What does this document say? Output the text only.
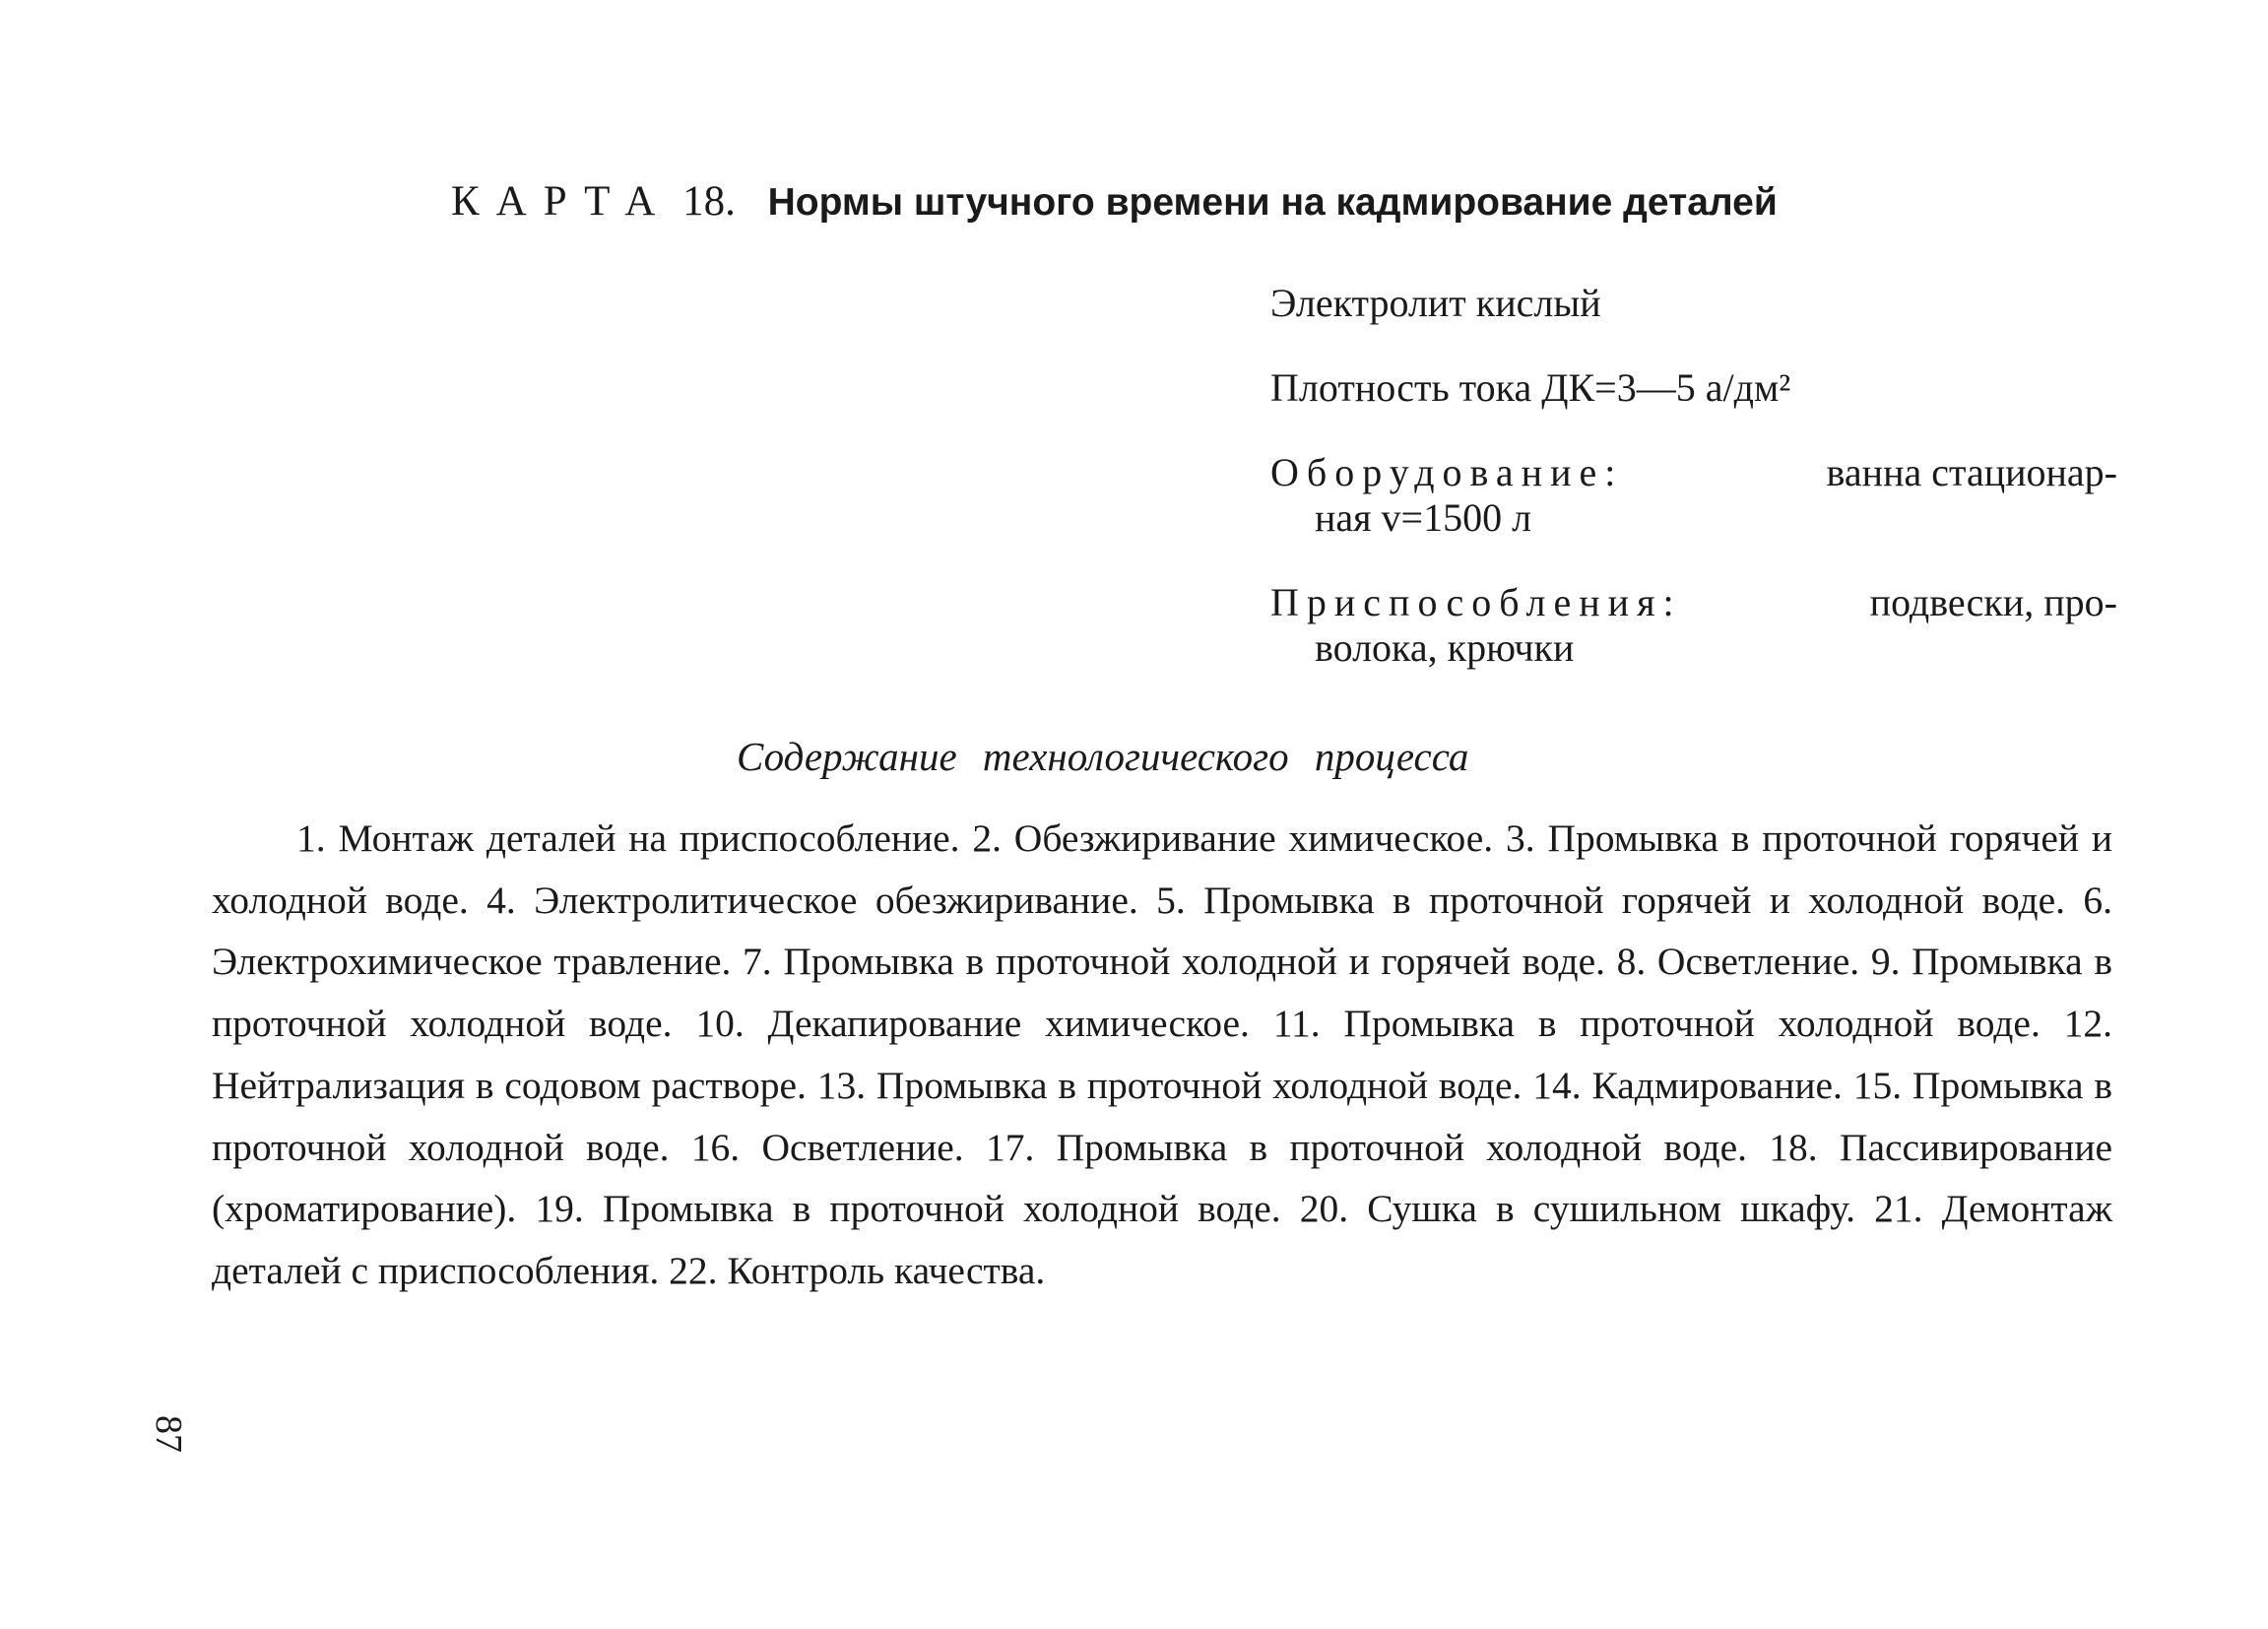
КАРТА 18. Нормы штучного времени на кадмирование деталей
Электролит кислый
Плотность тока ДК=3—5 а/дм²
Оборудование:	ванна стационар-
ная v=1500 л
Приспособления:	подвески, про-
волока, крючки
Содержание технологического процесса
1. Монтаж деталей на приспособление. 2. Обезжиривание химическое. 3. Промывка в проточной горячей и холодной воде. 4. Электролитическое обезжиривание. 5. Промывка в проточной горячей и холодной воде. 6. Электрохимическое травление. 7. Промывка в проточной холодной и горячей воде. 8. Осветление. 9. Промывка в проточной холодной воде. 10. Декапирование химическое. 11. Промывка в проточной холодной воде. 12. Нейтрализация в содовом растворе. 13. Промывка в проточной холодной воде. 14. Кадмирование. 15. Промывка в проточной холодной воде. 16. Осветление. 17. Промывка в проточной холодной воде. 18. Пассивирование (хроматирование). 19. Промывка в проточной холодной воде. 20. Сушка в сушильном шкафу. 21. Демонтаж деталей с приспособления. 22. Контроль качества.
87
